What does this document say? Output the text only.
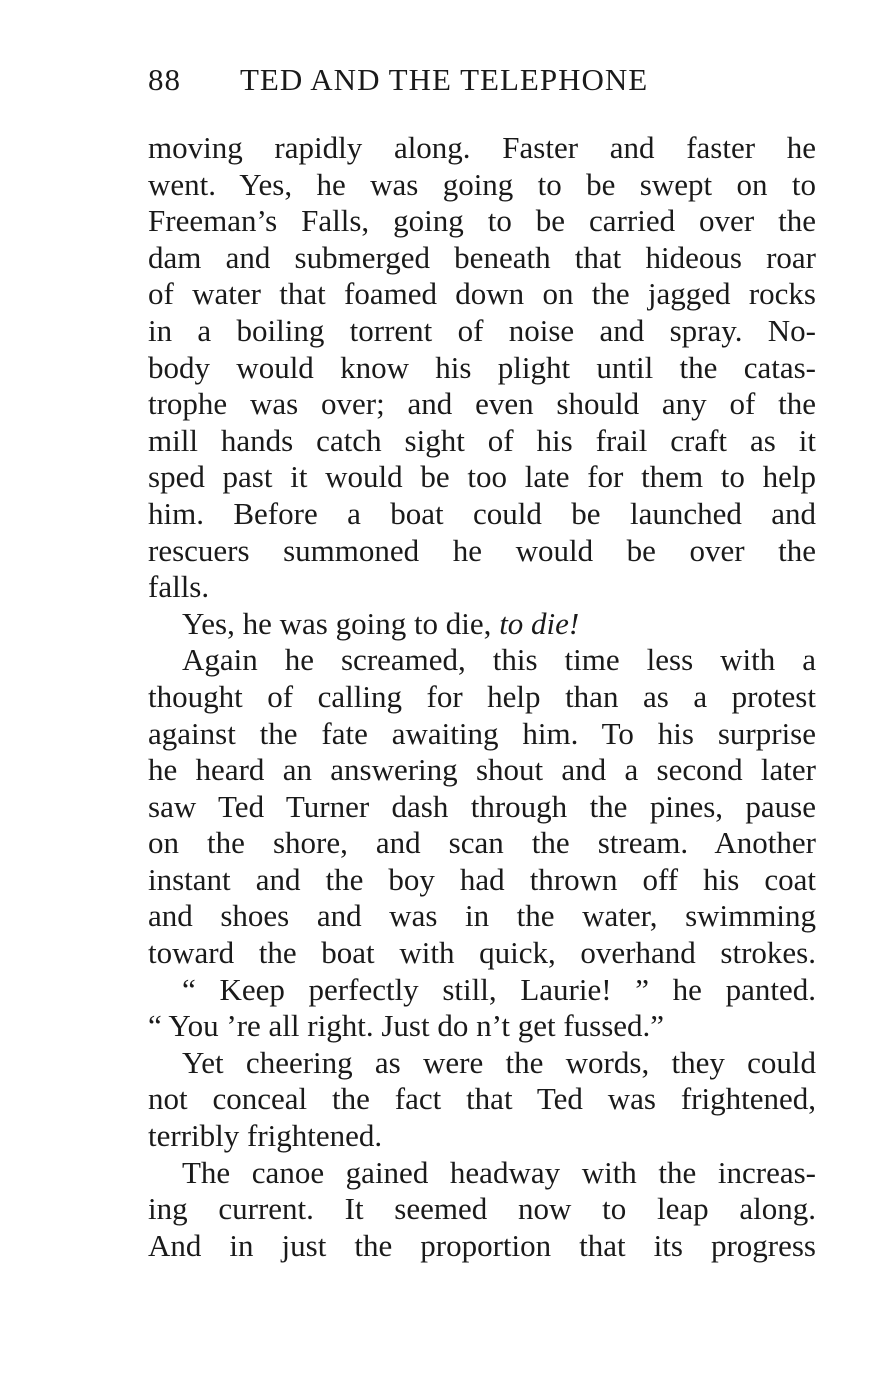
88 TED AND THE TELEPHONE
moving rapidly along. Faster and faster he
went. Yes, he was going to be swept on to
Freeman’s Falls, going to be carried over the
dam and submerged beneath that hideous roar
of water that foamed down on the jagged rocks
in a boiling torrent of noise and spray. No-
body would know his plight until the catas-
trophe was over; and even should any of the
mill hands catch sight of his frail craft as it
sped past it would be too late for them to help
him. Before a boat could be launched and
rescuers summoned he would be over the
falls.
Yes, he was going to die, to die!
Again he screamed, this time less with a
thought of calling for help than as a protest
against the fate awaiting him. To his surprise
he heard an answering shout and a second later
saw Ted Turner dash through the pines, pause
on the shore, and scan the stream. Another
instant and the boy had thrown off his coat
and shoes and was in the water, swimming
toward the boat with quick, overhand strokes.
“ Keep perfectly still, Laurie! ” he panted.
“ You ’re all right. Just do n’t get fussed.”
Yet cheering as were the words, they could
not conceal the fact that Ted was frightened,
terribly frightened.
The canoe gained headway with the increas-
ing current. It seemed now to leap along.
And in just the proportion that its progress
